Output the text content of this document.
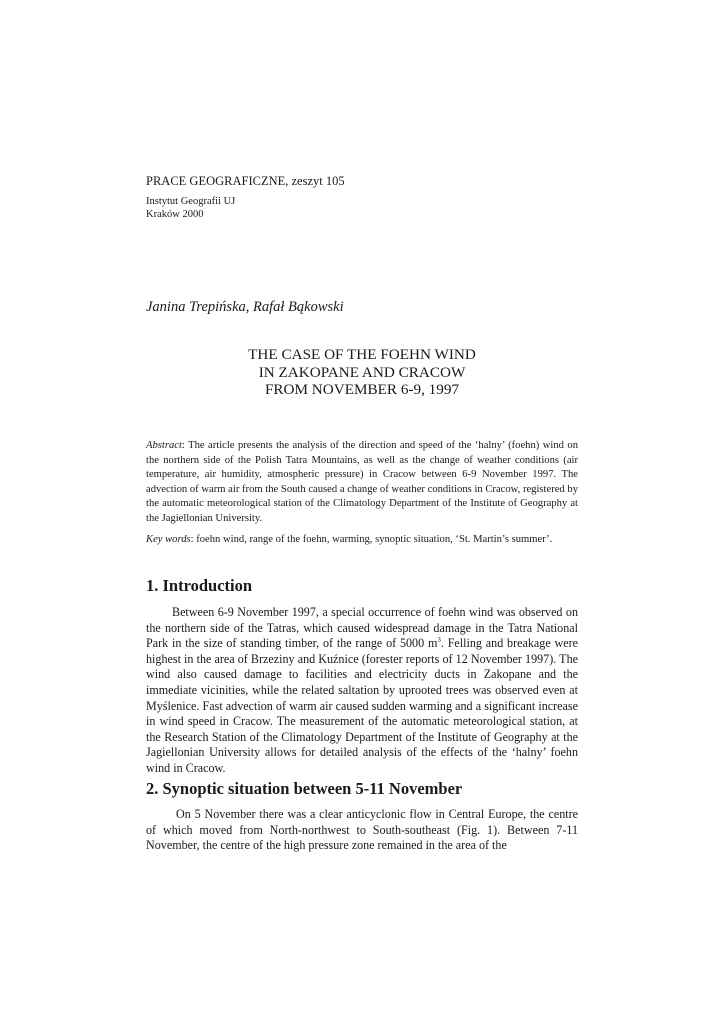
PRACE GEOGRAFICZNE, zeszyt 105
Instytut Geografii UJ
Kraków 2000
Janina Trepińska, Rafał Bąkowski
THE CASE OF THE FOEHN WIND
IN ZAKOPANE AND CRACOW
FROM NOVEMBER 6-9, 1997
Abstract: The article presents the analysis of the direction and speed of the ‘halny’ (foehn) wind on the northern side of the Polish Tatra Mountains, as well as the change of weather conditions (air temperature, air humidity, atmospheric pressure) in Cracow between 6-9 November 1997. The advection of warm air from the South caused a change of weather conditions in Cracow, registered by the automatic meteorological station of the Climatology Department of the Institute of Geography at the Jagiellonian University.
Key words: foehn wind, range of the foehn, warming, synoptic situation, ‘St. Martin’s summer’.
1. Introduction
Between 6-9 November 1997, a special occurrence of foehn wind was observed on the northern side of the Tatras, which caused widespread damage in the Tatra National Park in the size of standing timber, of the range of 5000 $m^3$. Felling and breakage were highest in the area of Brzeziny and Kuźnice (forester reports of 12 November 1997). The wind also caused damage to facilities and electricity ducts in Zakopane and the immediate vicinities, while the related saltation by uprooted trees was observed even at Myślenice. Fast advection of warm air caused sudden warming and a significant increase in wind speed in Cracow. The measurement of the automatic meteorological station, at the Research Station of the Climatology Department of the Institute of Geography at the Jagiellonian University allows for detailed analysis of the effects of the ‘halny’ foehn wind in Cracow.
2. Synoptic situation between 5-11 November
On 5 November there was a clear anticyclonic flow in Central Europe, the centre of which moved from North-northwest to South-southeast (Fig. 1). Between 7-11 November, the centre of the high pressure zone remained in the area of the
